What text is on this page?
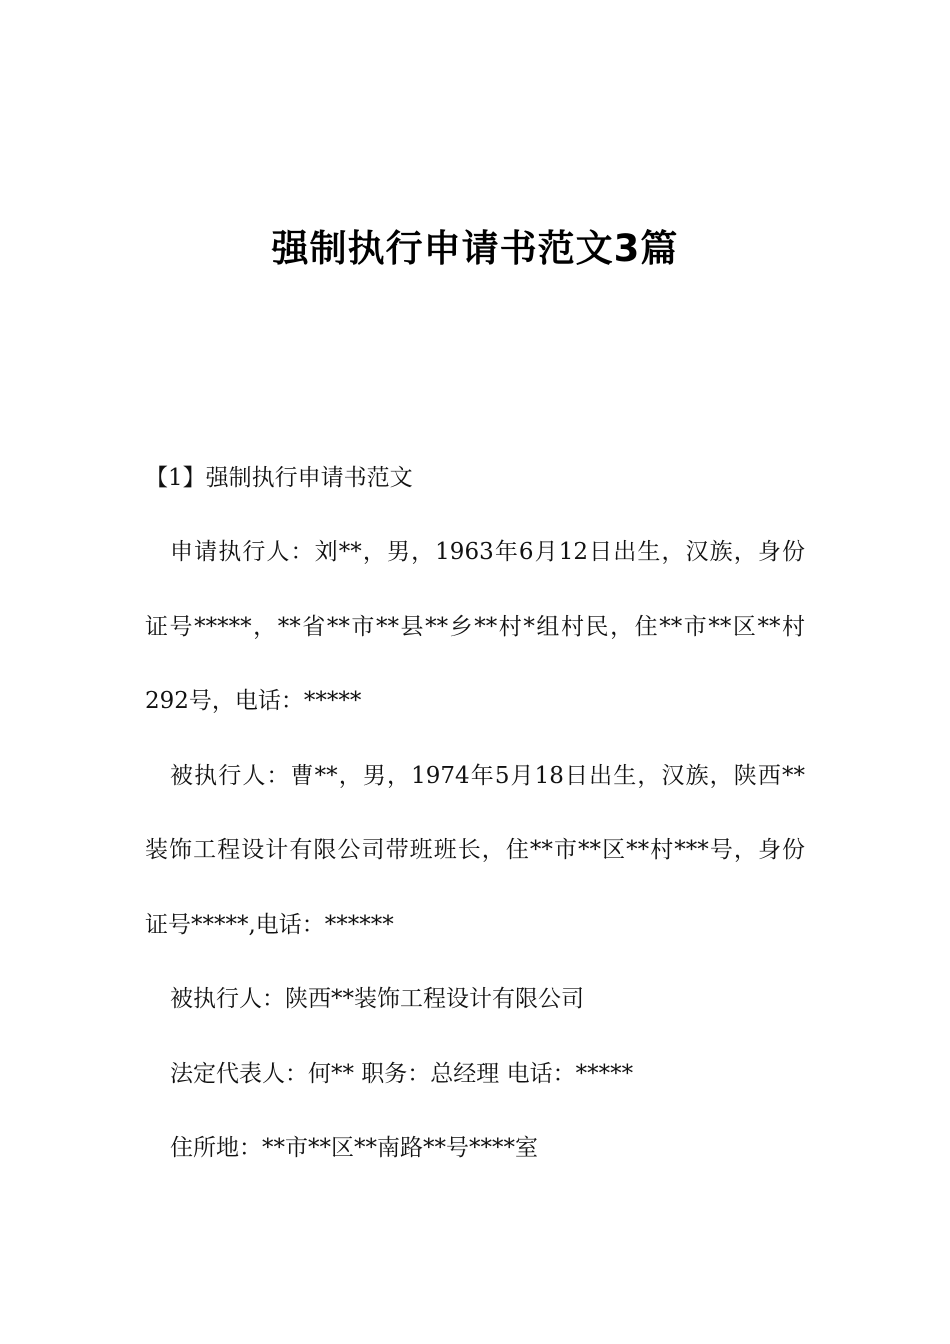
强制执行申请书范文3篇

【1】强制执行申请书范文

申请执行人：刘**，男，1963年6月12日出生，汉族，身份

证号*****，**省**市**县**乡**村*组村民，住**市**区**村

292号，电话：*****

被执行人：曹**，男，1974年5月18日出生，汉族，陕西**

装饰工程设计有限公司带班班长，住**市**区**村***号，身份

证号*****,电话：******

被执行人：陕西**装饰工程设计有限公司

法定代表人：何** 职务：总经理 电话：*****

住所地：**市**区**南路**号****室
